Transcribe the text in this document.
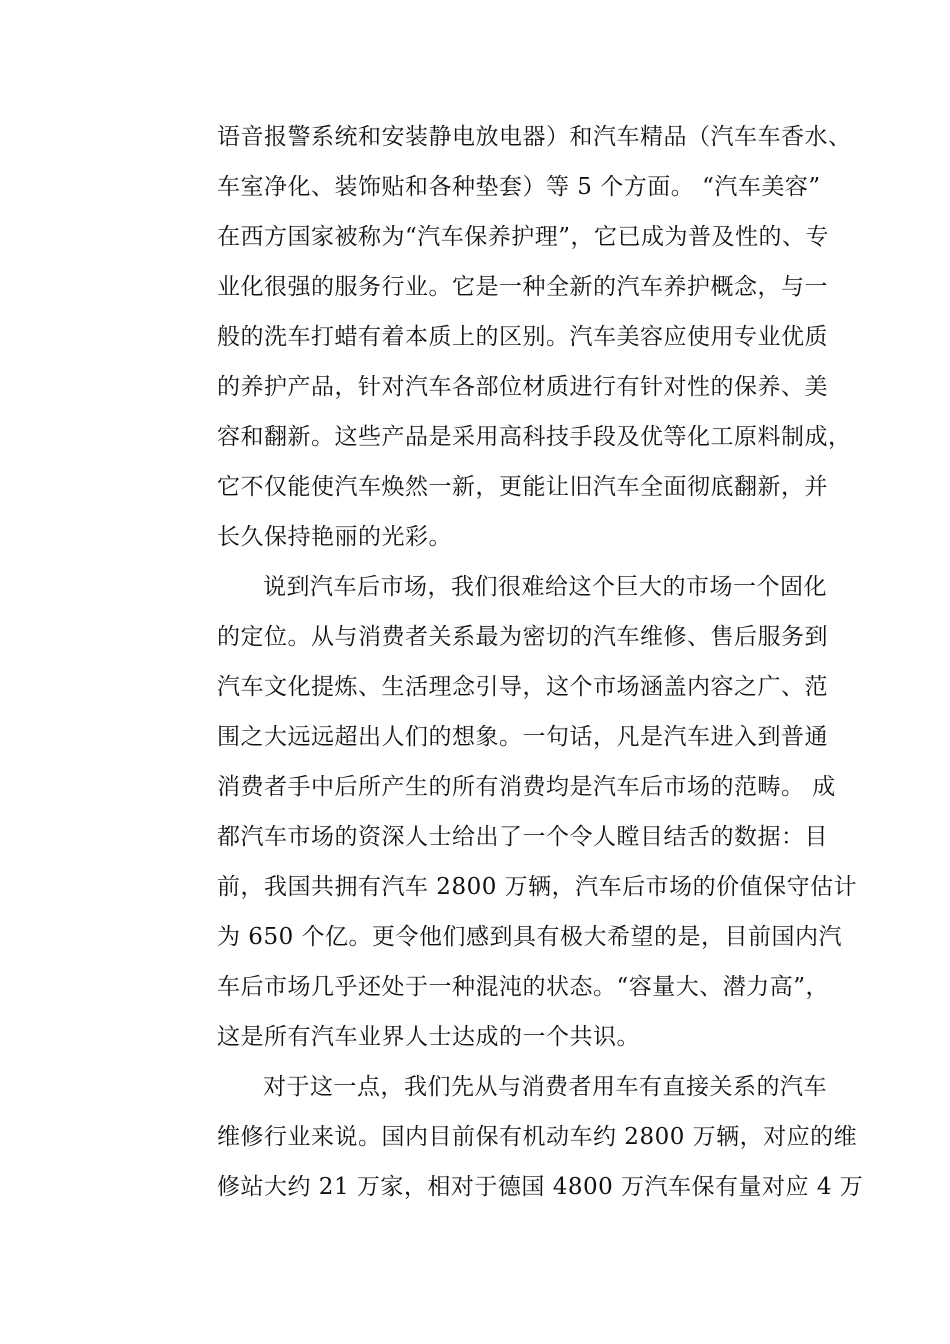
语音报警系统和安装静电放电器）和汽车精品（汽车车香水、
车室净化、装饰贴和各种垫套）等 5 个方面。 “汽车美容”
在西方国家被称为“汽车保养护理”，它已成为普及性的、专
业化很强的服务行业。它是一种全新的汽车养护概念，与一
般的洗车打蜡有着本质上的区别。汽车美容应使用专业优质
的养护产品，针对汽车各部位材质进行有针对性的保养、美
容和翻新。这些产品是采用高科技手段及优等化工原料制成，
它不仅能使汽车焕然一新，更能让旧汽车全面彻底翻新，并
长久保持艳丽的光彩。
说到汽车后市场，我们很难给这个巨大的市场一个固化
的定位。从与消费者关系最为密切的汽车维修、售后服务到
汽车文化提炼、生活理念引导，这个市场涵盖内容之广、范
围之大远远超出人们的想象。一句话，凡是汽车进入到普通
消费者手中后所产生的所有消费均是汽车后市场的范畴。 成
都汽车市场的资深人士给出了一个令人瞠目结舌的数据：目
前，我国共拥有汽车 2800 万辆，汽车后市场的价值保守估计
为 650 个亿。更令他们感到具有极大希望的是，目前国内汽
车后市场几乎还处于一种混沌的状态。“容量大、潜力高”，
这是所有汽车业界人士达成的一个共识。
对于这一点，我们先从与消费者用车有直接关系的汽车
维修行业来说。国内目前保有机动车约 2800 万辆，对应的维
修站大约 21 万家，相对于德国 4800 万汽车保有量对应 4 万
